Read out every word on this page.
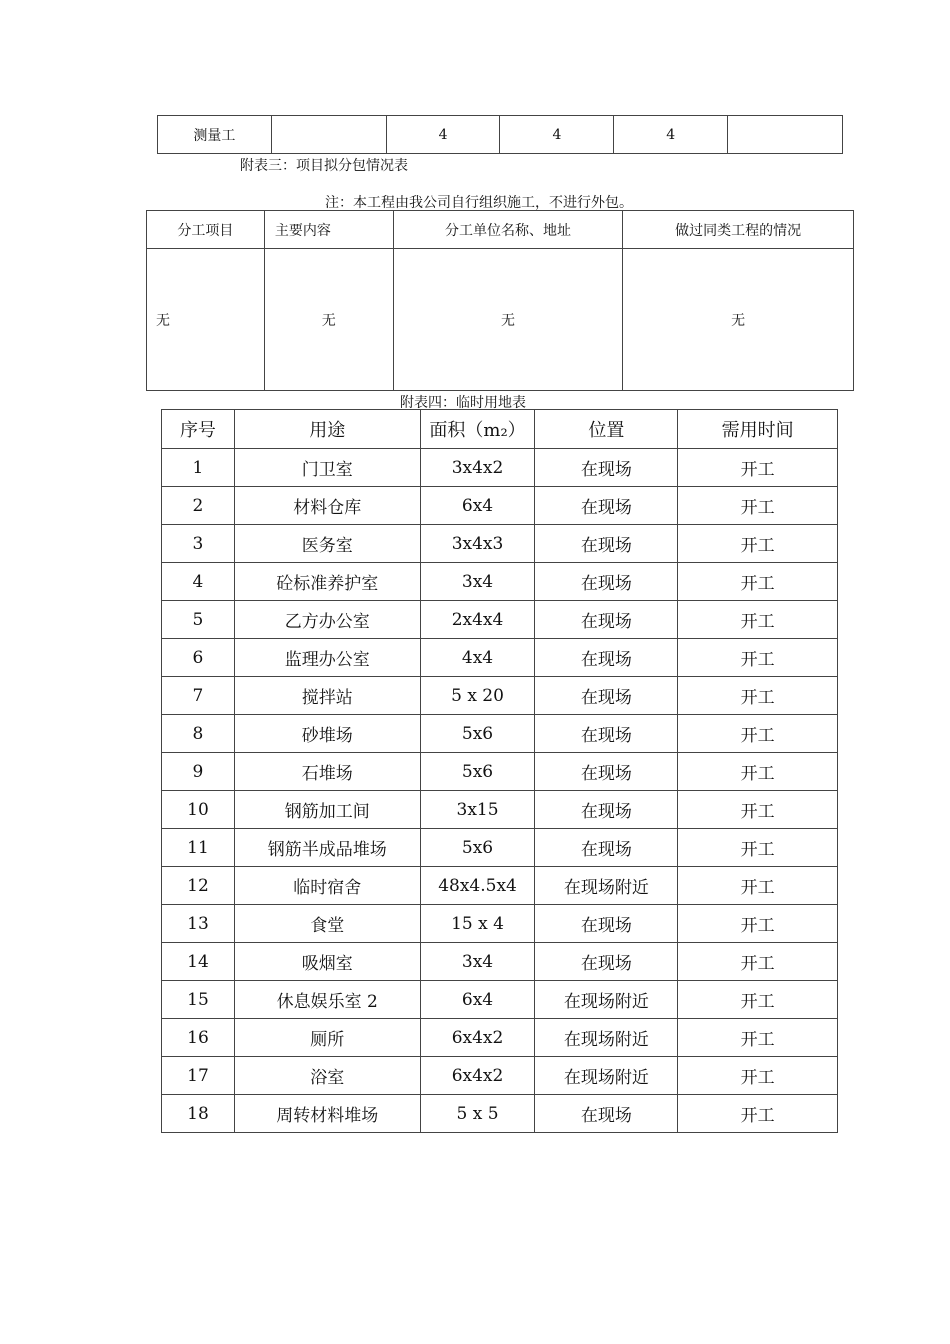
测量工		4	4	4	
附表三：项目拟分包情况表
注：本工程由我公司自行组织施工，不进行外包。
分工项目	主要内容	分工单位名称、地址	做过同类工程的情况
无	无	无	无
附表四：临时用地表
序号	用途	面积（m₂）	位置	需用时间
1	门卫室	3x4x2	在现场	开工
2	材料仓库	6x4	在现场	开工
3	医务室	3x4x3	在现场	开工
4	砼标准养护室	3x4	在现场	开工
5	乙方办公室	2x4x4	在现场	开工
6	监理办公室	4x4	在现场	开工
7	搅拌站	5 x 20	在现场	开工
8	砂堆场	5x6	在现场	开工
9	石堆场	5x6	在现场	开工
10	钢筋加工间	3x15	在现场	开工
11	钢筋半成品堆场	5x6	在现场	开工
12	临时宿舍	48x4.5x4	在现场附近	开工
13	食堂	15 x 4	在现场	开工
14	吸烟室	3x4	在现场	开工
15	休息娱乐室 2	6x4	在现场附近	开工
16	厕所	6x4x2	在现场附近	开工
17	浴室	6x4x2	在现场附近	开工
18	周转材料堆场	5 x 5	在现场	开工
